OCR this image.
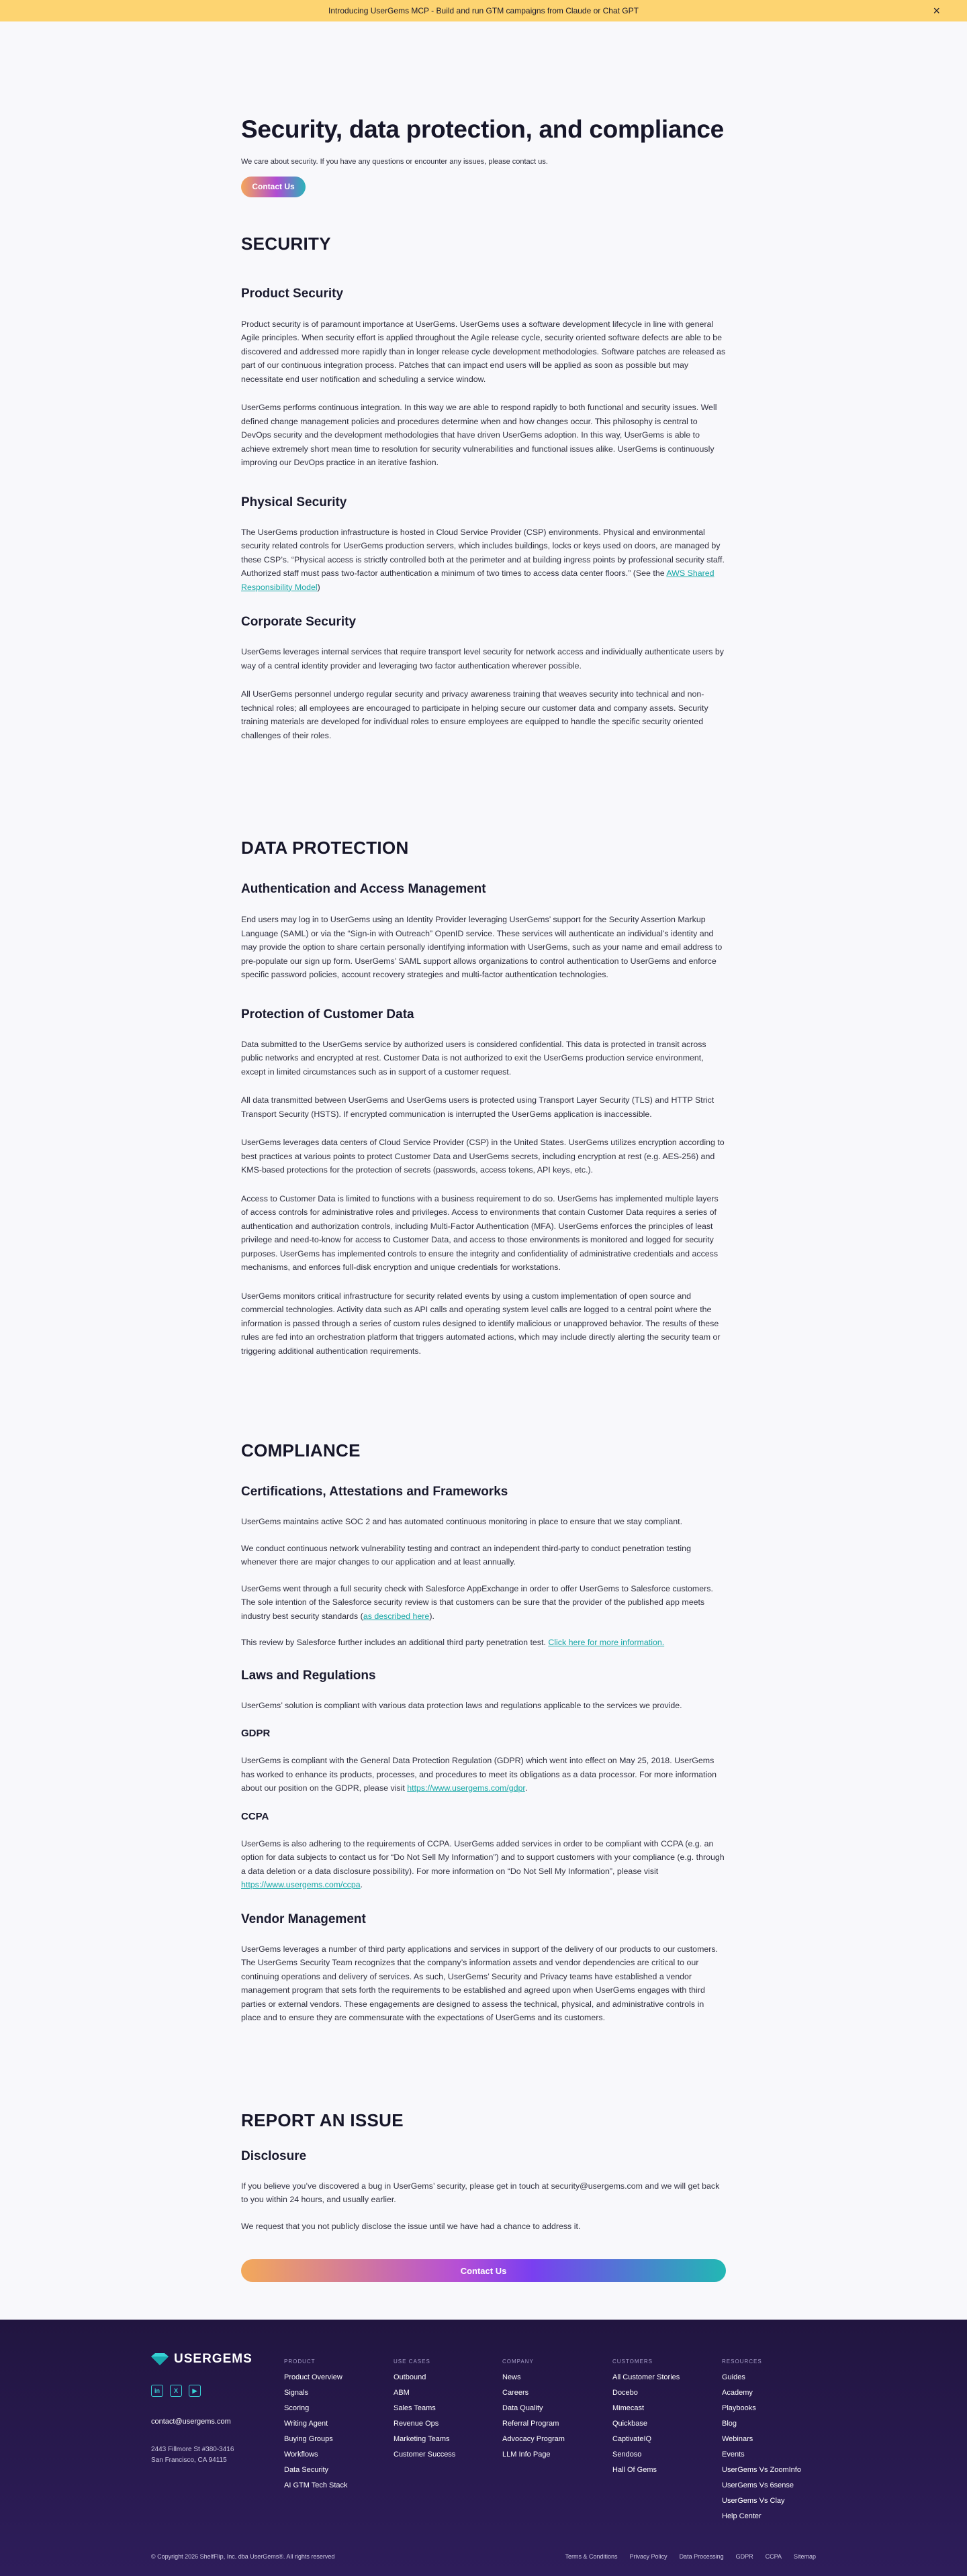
Introducing UserGems MCP - Build and run GTM campaigns from Claude or Chat GPT	×
Security, data protection, and compliance

We care about security. If you have any questions or encounter any issues, please contact us.

Contact Us
SECURITY
Product Security

Product security is of paramount importance at UserGems. UserGems uses a software development lifecycle in line with general Agile principles. When security effort is applied throughout the Agile release cycle, security oriented software defects are able to be discovered and addressed more rapidly than in longer release cycle development methodologies. Software patches are released as part of our continuous integration process. Patches that can impact end users will be applied as soon as possible but may necessitate end user notification and scheduling a service window.

UserGems performs continuous integration. In this way we are able to respond rapidly to both functional and security issues. Well defined change management policies and procedures determine when and how changes occur. This philosophy is central to DevOps security and the development methodologies that have driven UserGems adoption. In this way, UserGems is able to achieve extremely short mean time to resolution for security vulnerabilities and functional issues alike. UserGems is continuously improving our DevOps practice in an iterative fashion.

Physical Security

The UserGems production infrastructure is hosted in Cloud Service Provider (CSP) environments. Physical and environmental security related controls for UserGems production servers, which includes buildings, locks or keys used on doors, are managed by these CSP’s. “Physical access is strictly controlled both at the perimeter and at building ingress points by professional security staff. Authorized staff must pass two-factor authentication a minimum of two times to access data center floors.” (See the AWS Shared Responsibility Model)

Corporate Security

UserGems leverages internal services that require transport level security for network access and individually authenticate users by way of a central identity provider and leveraging two factor authentication wherever possible.

All UserGems personnel undergo regular security and privacy awareness training that weaves security into technical and non-technical roles; all employees are encouraged to participate in helping secure our customer data and company assets. Security training materials are developed for individual roles to ensure employees are equipped to handle the specific security oriented challenges of their roles.

DATA PROTECTION
Authentication and Access Management

End users may log in to UserGems using an Identity Provider leveraging UserGems’ support for the Security Assertion Markup Language (SAML) or via the “Sign-in with Outreach” OpenID service. These services will authenticate an individual’s identity and may provide the option to share certain personally identifying information with UserGems, such as your name and email address to pre-populate our sign up form. UserGems’ SAML support allows organizations to control authentication to UserGems and enforce specific password policies, account recovery strategies and multi-factor authentication technologies.

Protection of Customer Data

Data submitted to the UserGems service by authorized users is considered confidential. This data is protected in transit across public networks and encrypted at rest. Customer Data is not authorized to exit the UserGems production service environment, except in limited circumstances such as in support of a customer request.

All data transmitted between UserGems and UserGems users is protected using Transport Layer Security (TLS) and HTTP Strict Transport Security (HSTS). If encrypted communication is interrupted the UserGems application is inaccessible.

UserGems leverages data centers of Cloud Service Provider (CSP) in the United States. UserGems utilizes encryption according to best practices at various points to protect Customer Data and UserGems secrets, including encryption at rest (e.g. AES-256) and KMS-based protections for the protection of secrets (passwords, access tokens, API keys, etc.).

Access to Customer Data is limited to functions with a business requirement to do so. UserGems has implemented multiple layers of access controls for administrative roles and privileges. Access to environments that contain Customer Data requires a series of authentication and authorization controls, including Multi-Factor Authentication (MFA). UserGems enforces the principles of least privilege and need-to-know for access to Customer Data, and access to those environments is monitored and logged for security purposes. UserGems has implemented controls to ensure the integrity and confidentiality of administrative credentials and access mechanisms, and enforces full-disk encryption and unique credentials for workstations.

UserGems monitors critical infrastructure for security related events by using a custom implementation of open source and commercial technologies. Activity data such as API calls and operating system level calls are logged to a central point where the information is passed through a series of custom rules designed to identify malicious or unapproved behavior. The results of these rules are fed into an orchestration platform that triggers automated actions, which may include directly alerting the security team or triggering additional authentication requirements.

COMPLIANCE
Certifications, Attestations and Frameworks

UserGems maintains active SOC 2 and has automated continuous monitoring in place to ensure that we stay compliant.

We conduct continuous network vulnerability testing and contract an independent third-party to conduct penetration testing whenever there are major changes to our application and at least annually.

UserGems went through a full security check with Salesforce AppExchange in order to offer UserGems to Salesforce customers. The sole intention of the Salesforce security review is that customers can be sure that the provider of the published app meets industry best security standards (as described here).

This review by Salesforce further includes an additional third party penetration test. Click here for more information.

Laws and Regulations

UserGems’ solution is compliant with various data protection laws and regulations applicable to the services we provide.

GDPR

UserGems is compliant with the General Data Protection Regulation (GDPR) which went into effect on May 25, 2018. UserGems has worked to enhance its products, processes, and procedures to meet its obligations as a data processor. For more information about our position on the GDPR, please visit https://www.usergems.com/gdpr.

CCPA

UserGems is also adhering to the requirements of CCPA. UserGems added services in order to be compliant with CCPA (e.g. an option for data subjects to contact us for “Do Not Sell My Information”) and to support customers with your compliance (e.g. through a data deletion or a data disclosure possibility). For more information on “Do Not Sell My Information”, please visit https://www.usergems.com/ccpa.

Vendor Management

UserGems leverages a number of third party applications and services in support of the delivery of our products to our customers. The UserGems Security Team recognizes that the company’s information assets and vendor dependencies are critical to our continuing operations and delivery of services. As such, UserGems’ Security and Privacy teams have established a vendor management program that sets forth the requirements to be established and agreed upon when UserGems engages with third parties or external vendors. These engagements are designed to assess the technical, physical, and administrative controls in place and to ensure they are commensurate with the expectations of UserGems and its customers.

REPORT AN ISSUE
Disclosure

If you believe you’ve discovered a bug in UserGems’ security, please get in touch at security@usergems.com and we will get back to you within 24 hours, and usually earlier.

We request that you not publicly disclose the issue until we have had a chance to address it.

Contact Us
USERGEMS
in	X	▶
contact@usergems.com
2443 Fillmore St #380-3416
San Francisco, CA 94115
PRODUCT
Product Overview
Signals
Scoring
Writing Agent
Buying Groups
Workflows
Data Security
AI GTM Tech Stack
USE CASES
Outbound
ABM
Sales Teams
Revenue Ops
Marketing Teams
Customer Success
COMPANY
News
Careers
Data Quality
Referral Program
Advocacy Program
LLM Info Page
CUSTOMERS
All Customer Stories
Docebo
Mimecast
Quickbase
CaptivateIQ
Sendoso
Hall Of Gems
RESOURCES
Guides
Academy
Playbooks
Blog
Webinars
Events
UserGems Vs ZoomInfo
UserGems Vs 6sense
UserGems Vs Clay
Help Center
© Copyright 2026 ShelfFlip, Inc. dba UserGems®. All rights reserved	Terms & Conditions Privacy Policy Data Processing GDPR CCPA Sitemap
